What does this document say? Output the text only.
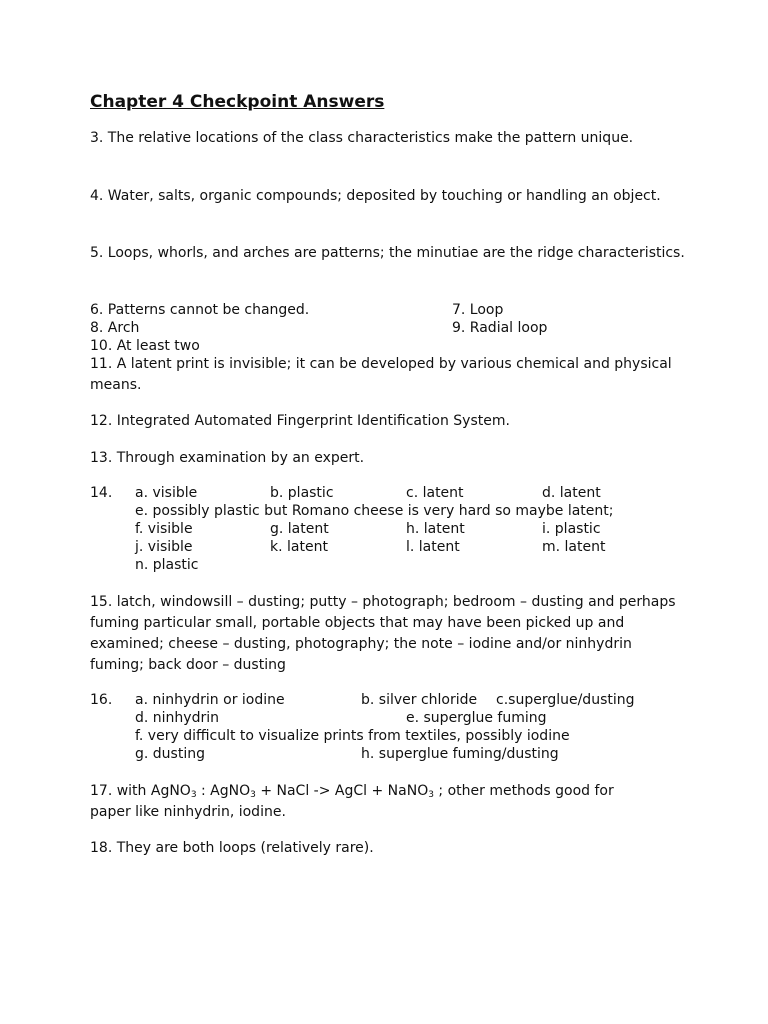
Chapter 4 Checkpoint Answers
3. The relative locations of the class characteristics make the pattern unique.
4. Water, salts, organic compounds; deposited by touching or handling an object.
5. Loops, whorls, and arches are patterns; the minutiae are the ridge characteristics.
6. Patterns cannot be changed.	7. Loop
8. Arch	9. Radial loop
10. At least two
11. A latent print is invisible; it can be developed by various chemical and physical means.
12. Integrated Automated Fingerprint Identification System.
13. Through examination by an expert.
14. a. visible	b. plastic	c. latent	d. latent
e. possibly plastic but Romano cheese is very hard so maybe latent;
f. visible	g. latent	h. latent	i. plastic
j. visible	k. latent	l. latent	m. latent
n. plastic
15. latch, windowsill – dusting; putty – photograph; bedroom – dusting and perhaps fuming particular small, portable objects that may have been picked up and examined; cheese – dusting, photography; the note – iodine and/or ninhydrin fuming; back door – dusting
16. a. ninhydrin or iodine	b. silver chloride c.superglue/dusting
d. ninhydrin	e. superglue fuming
f. very difficult to visualize prints from textiles, possibly iodine
g. dusting	h. superglue fuming/dusting
17. with AgNO$_3$ : AgNO$_3$ + NaCl -> AgCl + NaNO$_3$ ; other methods good for
paper like ninhydrin, iodine.
18. They are both loops (relatively rare).
